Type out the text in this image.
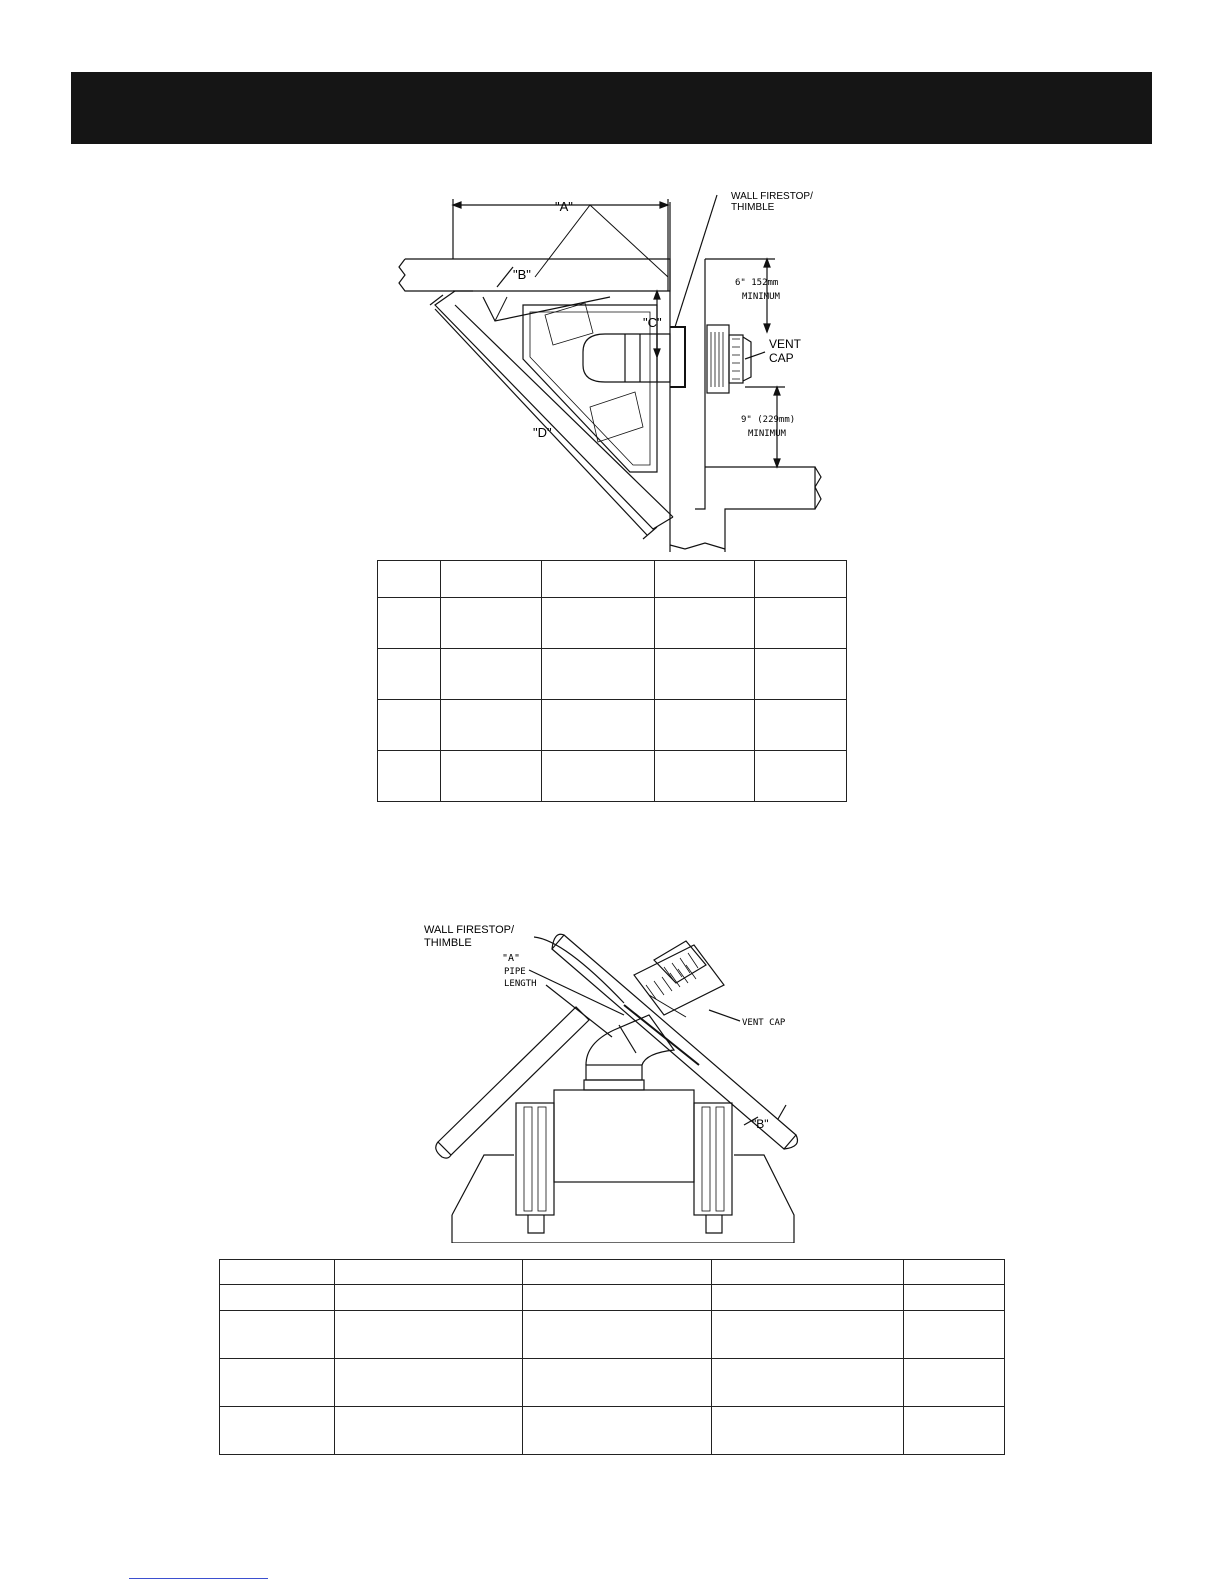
"A"
"B"
"C"
"D"
WALL FIRESTOP/
THIMBLE
6" 152mm
MINIMUM
VENT
CAP
9" (229mm)
MINIMUM

WALL FIRESTOP/
THIMBLE
"A"
PIPE
LENGTH
VENT CAP
"B"
